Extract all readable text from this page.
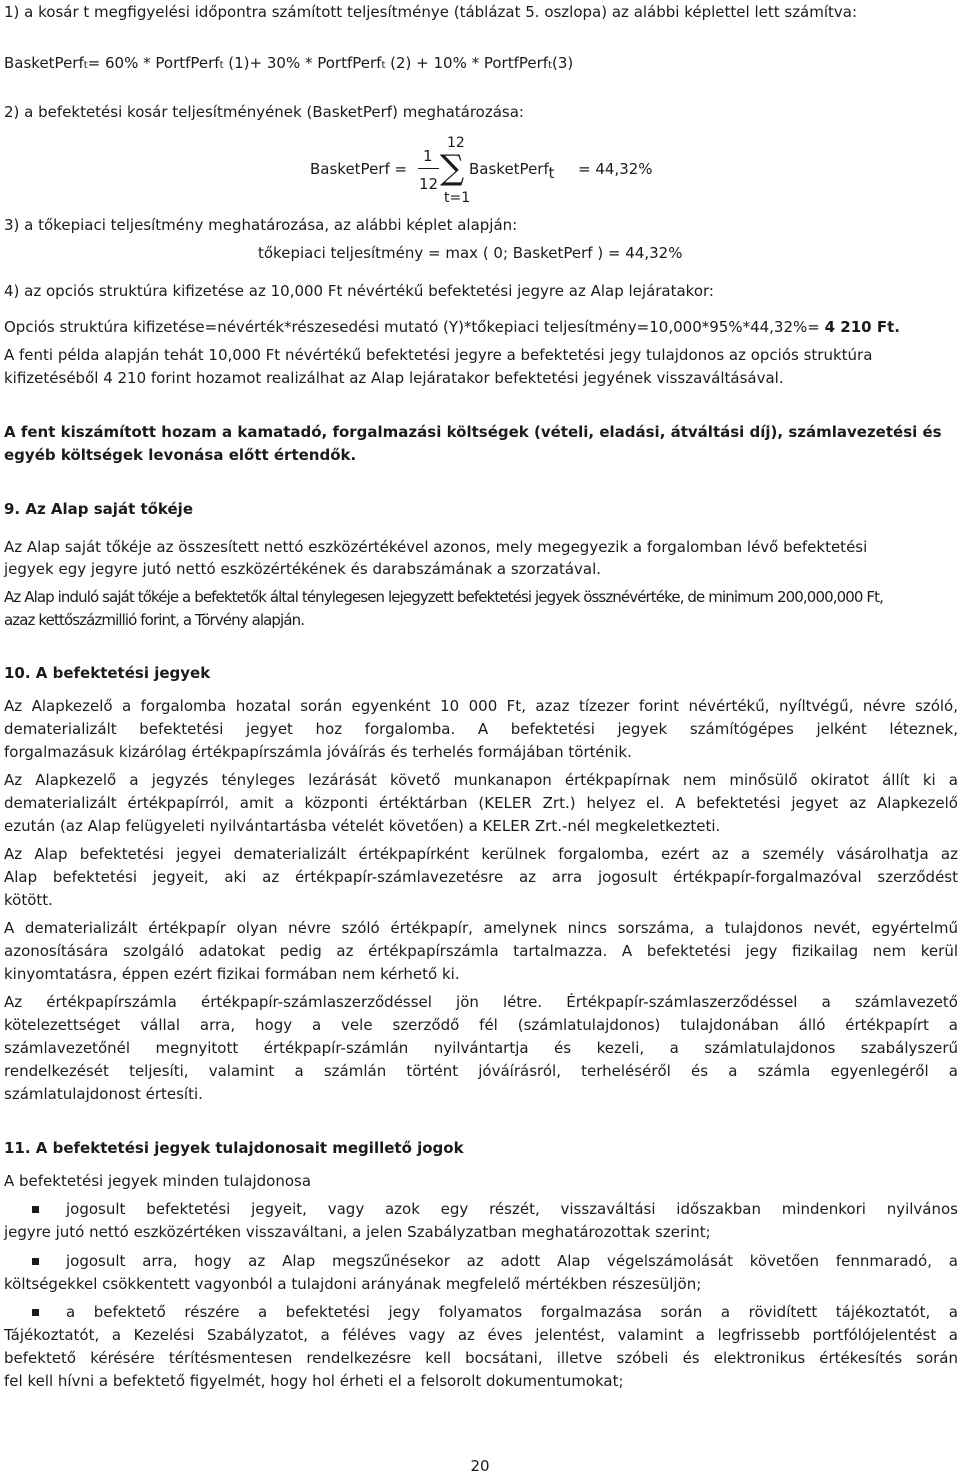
1) a kosár t megfigyelési időpontra számított teljesítménye (táblázat 5. oszlopa) az alábbi képlettel lett számítva:
BasketPerft= 60% * PortfPerft (1)+ 30% * PortfPerft (2) + 10% * PortfPerft(3)
2) a befektetési kosár teljesítményének (BasketPerf) meghatározása:
BasketPerf =
1
12
12
∑
t=1
BasketPerft = 44,32%
3) a tőkepiaci teljesítmény meghatározása, az alábbi képlet alapján:
tőkepiaci teljesítmény = max ( 0; BasketPerf ) = 44,32%
4) az opciós struktúra kifizetése az 10,000 Ft névértékű befektetési jegyre az Alap lejáratakor:
Opciós struktúra kifizetése=névérték*részesedési mutató (Y)*tőkepiaci teljesítmény=10,000*95%*44,32%= 4 210 Ft.
A fenti példa alapján tehát 10,000 Ft névértékű befektetési jegyre a befektetési jegy tulajdonos az opciós struktúra
kifizetéséből 4 210 forint hozamot realizálhat az Alap lejáratakor befektetési jegyének visszaváltásával.
A fent kiszámított hozam a kamatadó, forgalmazási költségek (vételi, eladási, átváltási díj), számlavezetési és
egyéb költségek levonása előtt értendők.
9. Az Alap saját tőkéje
Az Alap saját tőkéje az összesített nettó eszközértékével azonos, mely megegyezik a forgalomban lévő befektetési
jegyek egy jegyre jutó nettó eszközértékének és darabszámának a szorzatával.
Az Alap induló saját tőkéje a befektetők által ténylegesen lejegyzett befektetési jegyek össznévértéke, de minimum 200,000,000 Ft,
azaz kettőszázmillió forint, a Törvény alapján.
10. A befektetési jegyek
Az Alapkezelő a forgalomba hozatal során egyenként 10 000 Ft, azaz tízezer forint névértékű, nyíltvégű, névre szóló,
dematerializált befektetési jegyet hoz forgalomba. A befektetési jegyek számítógépes jelként léteznek,
forgalmazásuk kizárólag értékpapírszámla jóváírás és terhelés formájában történik.
Az Alapkezelő a jegyzés tényleges lezárását követő munkanapon értékpapírnak nem minősülő okiratot állít ki a
dematerializált értékpapírról, amit a központi értéktárban (KELER Zrt.) helyez el. A befektetési jegyet az Alapkezelő
ezután (az Alap felügyeleti nyilvántartásba vételét követően) a KELER Zrt.-nél megkeletkezteti.
Az Alap befektetési jegyei dematerializált értékpapírként kerülnek forgalomba, ezért az a személy vásárolhatja az
Alap befektetési jegyeit, aki az értékpapír-számlavezetésre az arra jogosult értékpapír-forgalmazóval szerződést
kötött.
A dematerializált értékpapír olyan névre szóló értékpapír, amelynek nincs sorszáma, a tulajdonos nevét, egyértelmű
azonosítására szolgáló adatokat pedig az értékpapírszámla tartalmazza. A befektetési jegy fizikailag nem kerül
kinyomtatásra, éppen ezért fizikai formában nem kérhető ki.
Az értékpapírszámla értékpapír-számlaszerződéssel jön létre. Értékpapír-számlaszerződéssel a számlavezető
kötelezettséget vállal arra, hogy a vele szerződő fél (számlatulajdonos) tulajdonában álló értékpapírt a
számlavezetőnél megnyitott értékpapír-számlán nyilvántartja és kezeli, a számlatulajdonos szabályszerű
rendelkezését teljesíti, valamint a számlán történt jóváírásról, terheléséről és a számla egyenlegéről a
számlatulajdonost értesíti.
11. A befektetési jegyek tulajdonosait megillető jogok
A befektetési jegyek minden tulajdonosa
jogosult befektetési jegyeit, vagy azok egy részét, visszaváltási időszakban mindenkori nyilvános
jegyre jutó nettó eszközértéken visszaváltani, a jelen Szabályzatban meghatározottak szerint;
jogosult arra, hogy az Alap megszűnésekor az adott Alap végelszámolását követően fennmaradó, a
költségekkel csökkentett vagyonból a tulajdoni arányának megfelelő mértékben részesüljön;
a befektető részére a befektetési jegy folyamatos forgalmazása során a rövidített tájékoztatót, a
Tájékoztatót, a Kezelési Szabályzatot, a féléves vagy az éves jelentést, valamint a legfrissebb portfólójelentést a
befektető kérésére térítésmentesen rendelkezésre kell bocsátani, illetve szóbeli és elektronikus értékesítés során
fel kell hívni a befektető figyelmét, hogy hol érheti el a felsorolt dokumentumokat;
20
